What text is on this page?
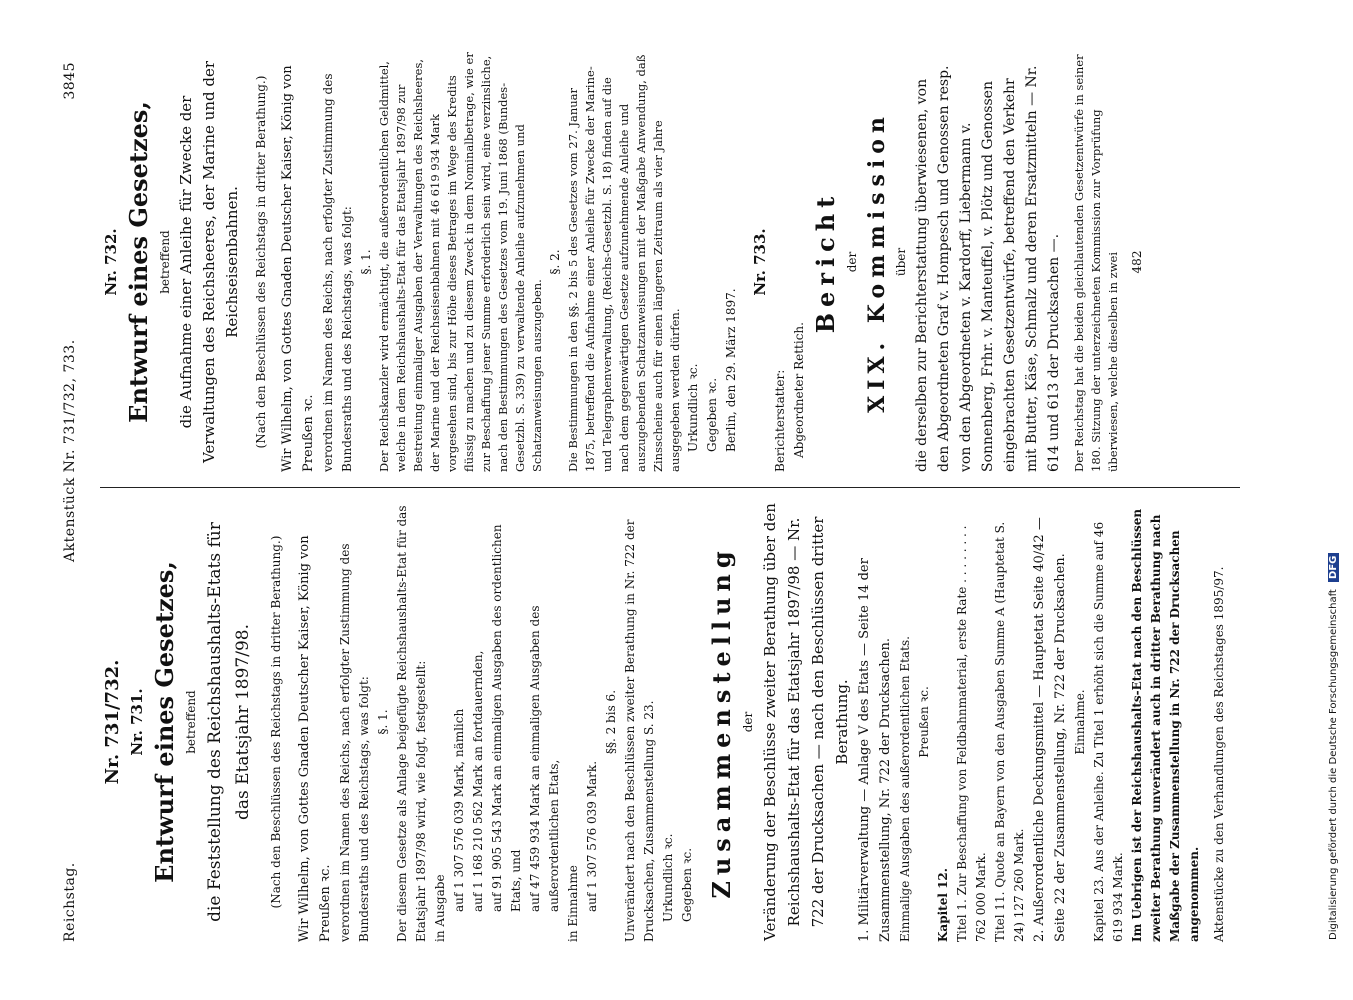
Reichstag.
Aktenstück Nr. 731/732, 733.
3845
Nr. 731/732. Nr. 731. Entwurf eines Gesetzes, betreffend die Feststellung des Reichshaushalts-Etats für das Etatsjahr 1897/98.	(Nach den Beschlüssen des Reichstags in dritter Berathung.) Wir Wilhelm, von Gottes Gnaden Deutscher Kaiser, König von Preußen ꝛc. verordnen im Namen des Reichs, nach erfolgter Zustimmung des Bundesraths und des Reichstags, was folgt: §. 1. Der diesem Gesetze als Anlage beigefügte Reichshaushalts-Etat für das Etatsjahr 1897/98 wird, wie folgt, festgestellt: in Ausgabe auf 1 307 576 039 Mark, nämlich auf 1 168 210 562 Mark an fortdauernden, auf 91 905 543 Mark an einmaligen Ausgaben des ordentlichen Etats, und auf 47 459 934 Mark an einmaligen Ausgaben des außerordentlichen Etats, in Einnahme auf 1 307 576 039 Mark.
§§. 2 bis 6. Unverändert nach den Beschlüssen zweiter Berathung in Nr. 722 der Drucksachen, Zusammenstellung S. 23. Urkundlich ꝛc. Gegeben ꝛc. Zusammenstellung der Veränderung der Beschlüsse zweiter Berathung über den Reichshaushalts-Etat für das Etatsjahr 1897/98 — Nr. 722 der Drucksachen — nach den Beschlüssen dritter Berathung. 1. Militärverwaltung — Anlage V des Etats — Seite 14 der Zusammenstellung, Nr. 722 der Drucksachen. Einmalige Ausgaben des außerordentlichen Etats. Preußen ꝛc.
Kapitel 12. Titel 1. Zur Beschaffung von Feldbahnmaterial, erste Rate . . . . . . . . 762 000 Mark. Titel 11. Quote an Bayern von den Ausgaben Summe A (Hauptetat S. 24) 127 260 Mark. 2. Außerordentliche Deckungsmittel — Hauptetat Seite 40/42 — Seite 22 der Zusammenstellung, Nr. 722 der Drucksachen. Einnahme. Kapitel 23. Aus der Anleihe. Zu Titel 1 erhöht sich die Summe auf 46 619 934 Mark. Im Uebrigen ist der Reichshaushalts-Etat nach den Beschlüssen zweiter Berathung unverändert auch in dritter Berathung nach Maßgabe der Zusammenstellung in Nr. 722 der Drucksachen angenommen. Aktenstücke zu den Verhandlungen des Reichstages 1895/97.
Nr. 732. Entwurf eines Gesetzes, betreffend die Aufnahme einer Anleihe für Zwecke der Verwaltungen des Reichsheeres, der Marine und der Reichseisenbahnen. (Nach den Beschlüssen des Reichstags in dritter Berathung.) Wir Wilhelm, von Gottes Gnaden Deutscher Kaiser, König von Preußen ꝛc. verordnen im Namen des Reichs, nach erfolgter Zustimmung des Bundesraths und des Reichstags, was folgt: §. 1. Der Reichskanzler wird ermächtigt, die außerordentlichen Geldmittel, welche in dem Reichshaushalts-Etat für das Etatsjahr 1897/98 zur Bestreitung einmaliger Ausgaben der Verwaltungen des Reichsheeres, der Marine und der Reichseisenbahnen mit 46 619 934 Mark vorgesehen sind, bis zur Höhe dieses Betrages im Wege des Kredits flüssig zu machen und zu diesem Zweck in dem Nominalbetrage, wie er zur Beschaffung jener Summe erforderlich sein wird, eine verzinsliche, nach den Bestimmungen des Gesetzes vom 19. Juni 1868 (Bundes-Gesetzbl. S. 339) zu verwaltende Anleihe aufzunehmen und Schatzanweisungen auszugeben.
§. 2. Die Bestimmungen in den §§. 2 bis 5 des Gesetzes vom 27. Januar 1875, betreffend die Aufnahme einer Anleihe für Zwecke der Marine- und Telegraphenverwaltung, (Reichs-Gesetzbl. S. 18) finden auf die nach dem gegenwärtigen Gesetze aufzunehmende Anleihe und auszugebenden Schatzanweisungen mit der Maßgabe Anwendung, daß Zinsscheine auch für einen längeren Zeitraum als vier Jahre ausgegeben werden dürfen. Urkundlich ꝛc. Gegeben ꝛc. Berlin, den 29. März 1897.
Nr. 733.
Berichterstatter: Abgeordneter Rettich.
Bericht der XIX. Kommission über die derselben zur Berichterstattung überwiesenen, von den Abgeordneten Graf v. Hompesch und Genossen resp. von den Abgeordneten v. Kardorff, Liebermann v. Sonnenberg, Frhr. v. Manteuffel, v. Plötz und Genossen eingebrachten Gesetzentwürfe, betreffend den Verkehr mit Butter, Käse, Schmalz und deren Ersatzmitteln — Nr. 614 und 613 der Drucksachen —. Der Reichstag hat die beiden gleichlautenden Gesetzentwürfe in seiner 180. Sitzung der unterzeichneten Kommission zur Vorprüfung überwiesen, welche dieselben in zwei 482
Digitalisierung gefördert durch die Deutsche Forschungsgemeinschaft DFG
